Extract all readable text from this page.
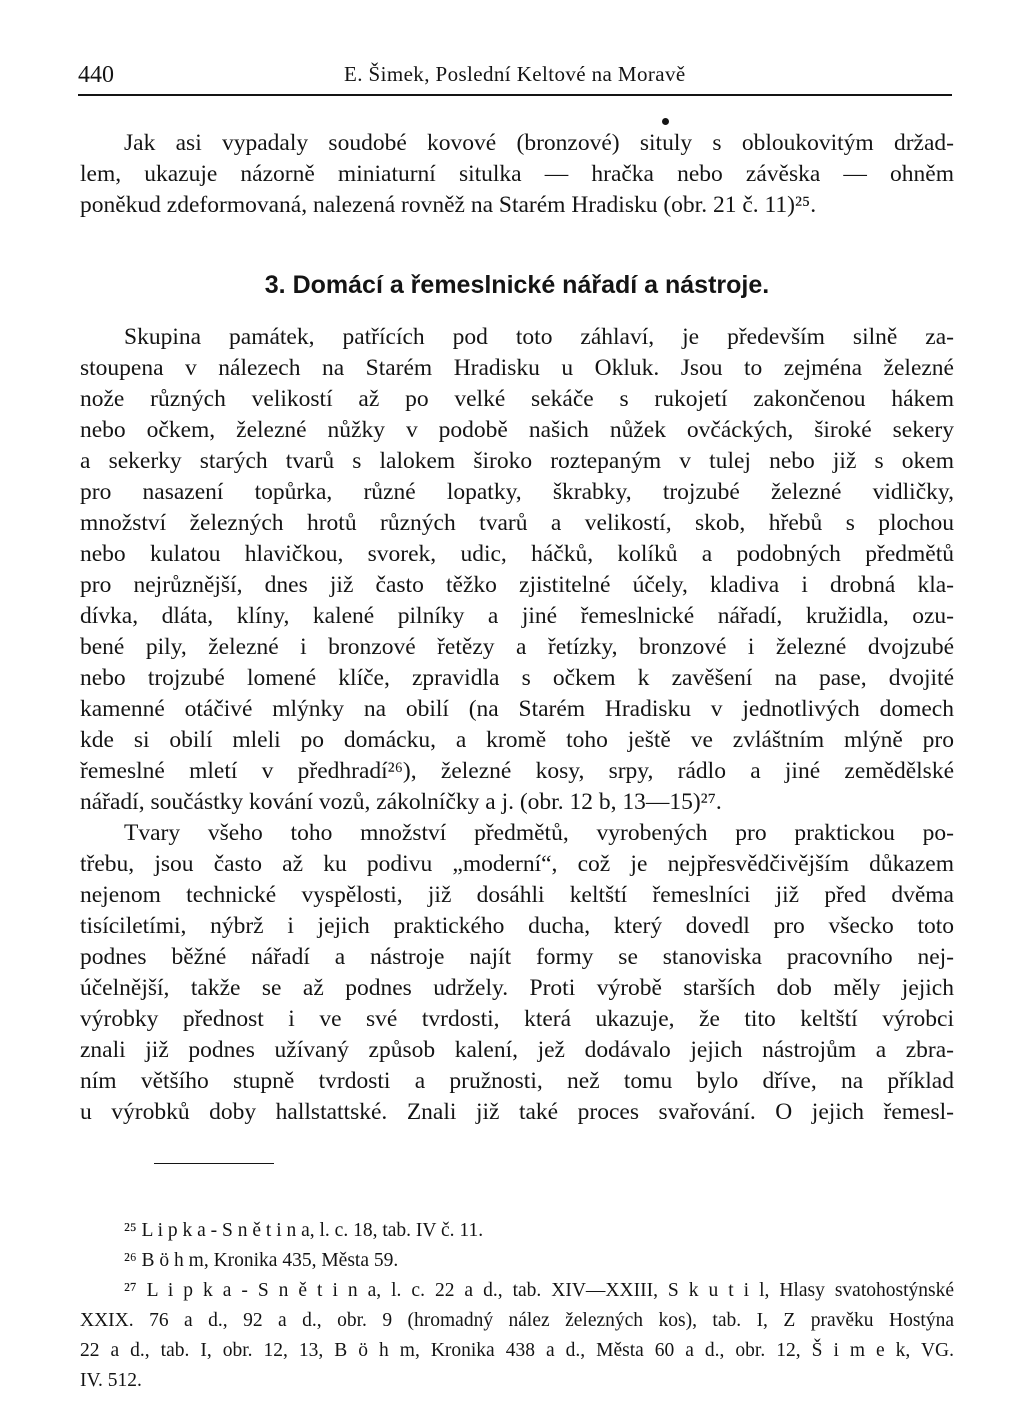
440	E. Šimek, Poslední Keltové na Moravě
Jak asi vypadaly soudobé kovové (bronzové) situly s obloukovitým držad-
lem, ukazuje názorně miniaturní situlka — hračka nebo závěska — ohněm
poněkud zdeformovaná, nalezená rovněž na Starém Hradisku (obr. 21 č. 11)²⁵.
3. Domácí a řemeslnické nářadí a nástroje.
Skupina památek, patřících pod toto záhlaví, je především silně za-
stoupena v nálezech na Starém Hradisku u Okluk. Jsou to zejména železné
nože různých velikostí až po velké sekáče s rukojetí zakončenou hákem
nebo očkem, železné nůžky v podobě našich nůžek ovčáckých, široké sekery
a sekerky starých tvarů s lalokem široko roztepaným v tulej nebo již s okem
pro nasazení topůrka, různé lopatky, škrabky, trojzubé železné vidličky,
množství železných hrotů různých tvarů a velikostí, skob, hřebů s plochou
nebo kulatou hlavičkou, svorek, udic, háčků, kolíků a podobných předmětů
pro nejrůznější, dnes již často těžko zjistitelné účely, kladiva i drobná kla-
dívka, dláta, klíny, kalené pilníky a jiné řemeslnické nářadí, kružidla, ozu-
bené pily, železné i bronzové řetězy a řetízky, bronzové i železné dvojzubé
nebo trojzubé lomené klíče, zpravidla s očkem k zavěšení na pase, dvojité
kamenné otáčivé mlýnky na obilí (na Starém Hradisku v jednotlivých domech
kde si obilí mleli po domácku, a kromě toho ještě ve zvláštním mlýně pro
řemeslné mletí v předhradí²⁶), železné kosy, srpy, rádlo a jiné zemědělské
nářadí, součástky kování vozů, zákolníčky a j. (obr. 12 b, 13—15)²⁷.
Tvary všeho toho množství předmětů, vyrobených pro praktickou po-
třebu, jsou často až ku podivu „moderní“, což je nejpřesvědčivějším důkazem
nejenom technické vyspělosti, již dosáhli keltští řemeslníci již před dvěma
tisíciletími, nýbrž i jejich praktického ducha, který dovedl pro všecko toto
podnes běžné nářadí a nástroje najít formy se stanoviska pracovního nej-
účelnější, takže se až podnes udržely. Proti výrobě starších dob měly jejich
výrobky přednost i ve své tvrdosti, která ukazuje, že tito keltští výrobci
znali již podnes užívaný způsob kalení, jež dodávalo jejich nástrojům a zbra-
ním většího stupně tvrdosti a pružnosti, než tomu bylo dříve, na příklad
u výrobků doby hallstattské. Znali již také proces svařování. O jejich řemesl-
²⁵ L i p k a - S n ě t i n a, l. c. 18, tab. IV č. 11.
²⁶ B ö h m, Kronika 435, Města 59.
²⁷ L i p k a - S n ě t i n a, l. c. 22 a d., tab. XIV—XXIII, S k u t i l, Hlasy svatohostýnské
XXIX. 76 a d., 92 a d., obr. 9 (hromadný nález železných kos), tab. I, Z pravěku Hostýna
22 a d., tab. I, obr. 12, 13, B ö h m, Kronika 438 a d., Města 60 a d., obr. 12, Š i m e k, VG.
IV. 512.
